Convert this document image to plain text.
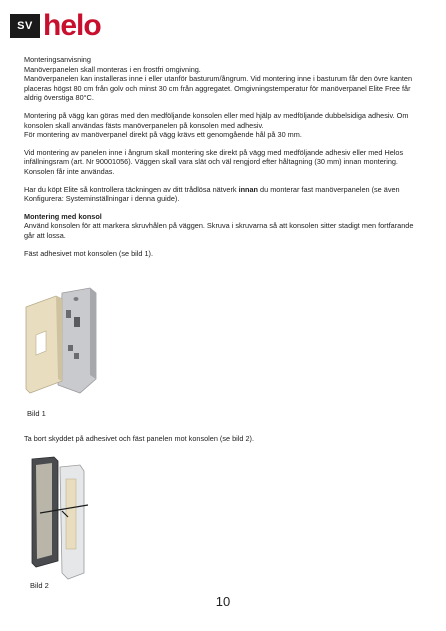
SV helo

Monteringsanvisning

Manöverpanelen skall monteras i en frostfri omgivning.

Manöverpanelen kan installeras inne i eller utanför basturum/ångrum. Vid montering inne i basturum får den övre kanten placeras högst 80 cm från golv och minst 30 cm från aggregatet. Omgivningstemperatur för manöverpanel Elite Free får aldrig överstiga 80°C.

Montering på vägg kan göras med den medföljande konsolen eller med hjälp av medföljande dubbelsidiga adhesiv. Om konsolen skall användas fästs manöverpanelen på konsolen med adhesiv.

För montering av manöverpanel direkt på vägg krävs ett genomgående hål på 30 mm.

Vid montering av panelen inne i ångrum skall montering ske direkt på vägg med medföljande adhesiv eller med Helos infällningsram (art. Nr 90001056). Väggen skall vara slät och väl rengjord efter håltagning (30 mm) innan montering. Konsolen får inte användas.

Har du köpt Elite så kontrollera täckningen av ditt trådlösa nätverk innan du monterar fast manöverpanelen (se även Konfigurera: Systeminställningar i denna guide).

Montering med konsol

Använd konsolen för att markera skruvhålen på väggen. Skruva i skruvarna så att konsolen sitter stadigt men fortfarande går att lossa.

Fäst adhesivet mot konsolen (se bild 1).

Bild 1
Ta bort skyddet på adhesivet och fäst panelen mot konsolen (se bild 2).
Bild 2
10
